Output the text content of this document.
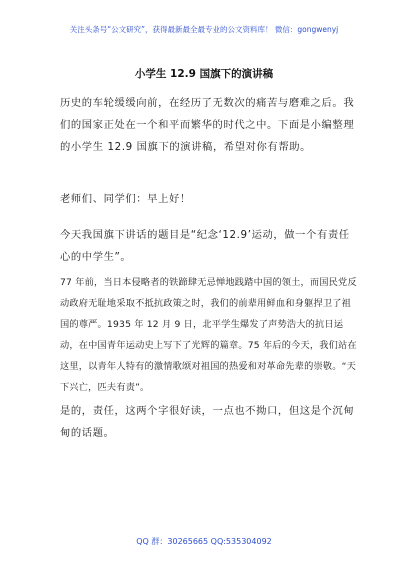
关注头条号“公文研究”，获得最新最全最专业的公文资料库！ 微信：gongwenyj
小学生 12.9 国旗下的演讲稿
历史的车轮缓缓向前，在经历了无数次的痛苦与磨难之后。我们的国家正处在一个和平而繁华的时代之中。下面是小编整理的小学生 12.9 国旗下的演讲稿，希望对你有帮助。
老师们、同学们：早上好！
今天我国旗下讲话的题目是“纪念‘12.9’运动，做一个有责任心的中学生”。
77 年前，当日本侵略者的铁蹄肆无忌惮地践踏中国的领土，而国民党反动政府无耻地采取不抵抗政策之时，我们的前辈用鲜血和身躯捍卫了祖国的尊严。1935 年 12 月 9 日，北平学生爆发了声势浩大的抗日运动，在中国青年运动史上写下了光辉的篇章。75 年后的今天，我们站在这里，以青年人特有的激情歌颂对祖国的热爱和对革命先辈的崇敬。“天下兴亡，匹夫有责”。
是的，责任，这两个字很好读，一点也不拗口，但这是个沉甸甸的话题。
QQ 群：30265665 QQ:535304092
